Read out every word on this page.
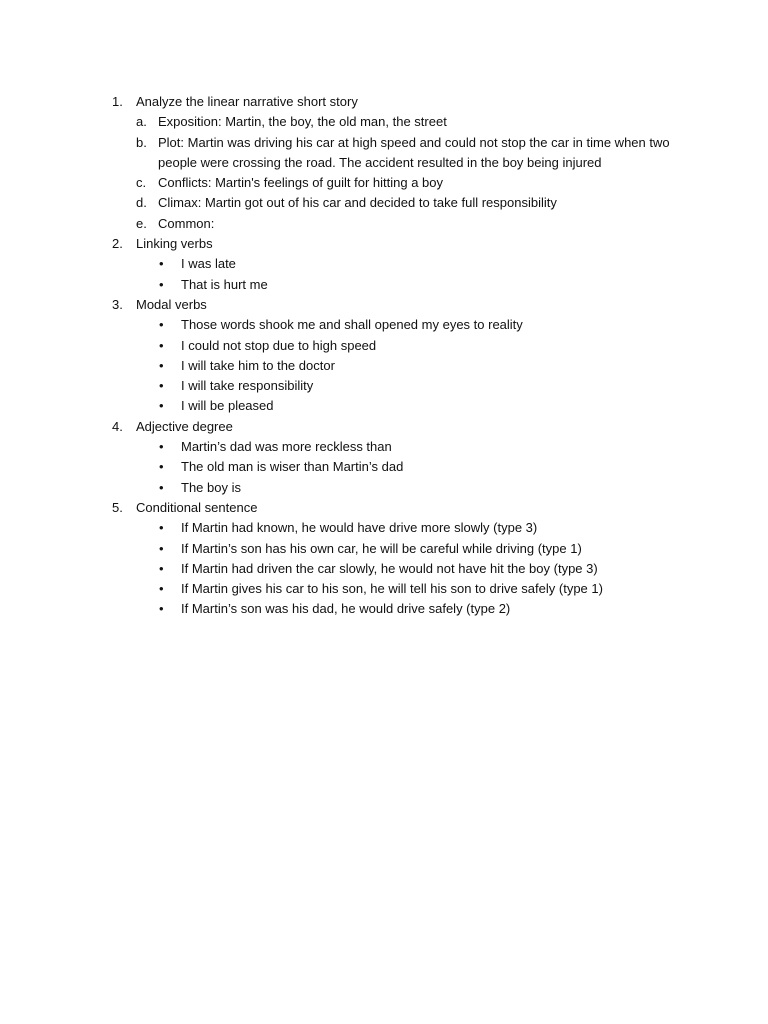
1. Analyze the linear narrative short story
a. Exposition: Martin, the boy, the old man, the street
b. Plot: Martin was driving his car at high speed and could not stop the car in time when two people were crossing the road. The accident resulted in the boy being injured
c. Conflicts: Martin's feelings of guilt for hitting a boy
d. Climax: Martin got out of his car and decided to take full responsibility
e. Common:
2. Linking verbs
• I was late
• That is hurt me
3. Modal verbs
• Those words shook me and shall opened my eyes to reality
• I could not stop due to high speed
• I will take him to the doctor
• I will take responsibility
• I will be pleased
4. Adjective degree
• Martin’s dad was more reckless than
• The old man is wiser than Martin’s dad
• The boy is
5. Conditional sentence
• If Martin had known, he would have drive more slowly (type 3)
• If Martin’s son has his own car, he will be careful while driving (type 1)
• If Martin had driven the car slowly, he would not have hit the boy (type 3)
• If Martin gives his car to his son, he will tell his son to drive safely (type 1)
• If Martin’s son was his dad, he would drive safely (type 2)
